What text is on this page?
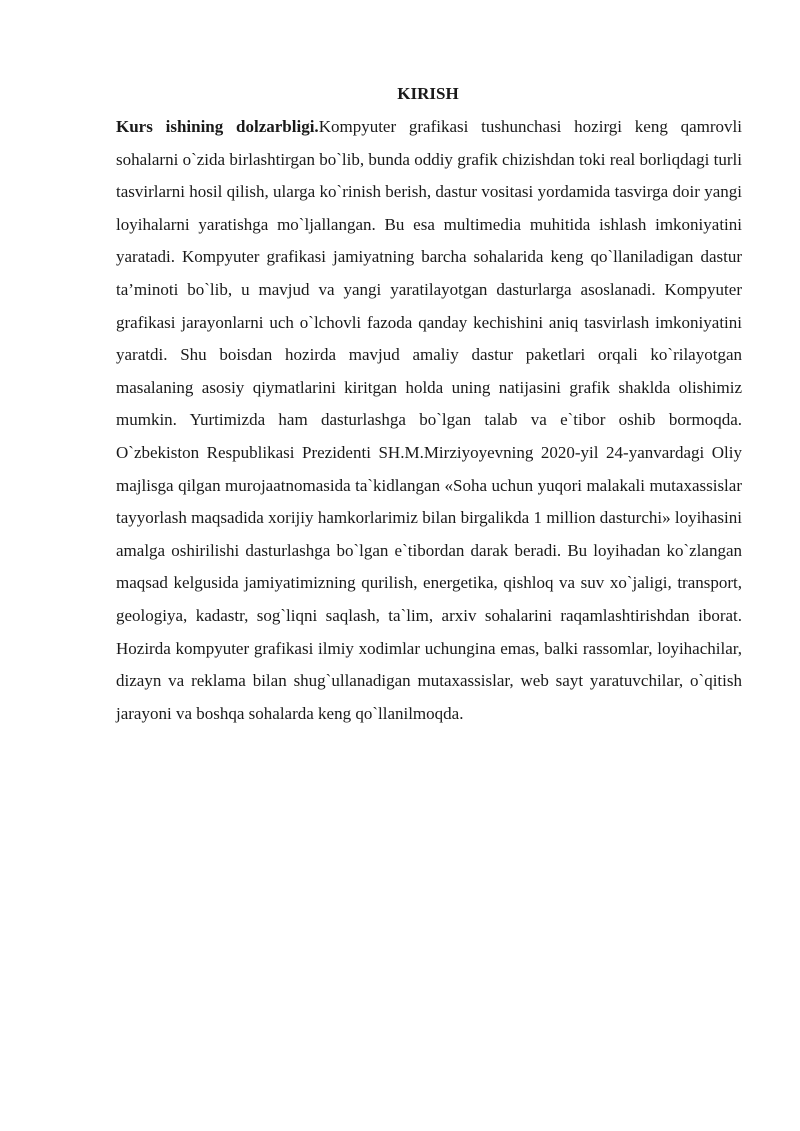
KIRISH

Kurs ishining dolzarbligi.Kompyuter grafikasi tushunchasi hozirgi keng qamrovli sohalarni o`zida birlashtirgan bo`lib, bunda oddiy grafik chizishdan toki real borliqdagi turli tasvirlarni hosil qilish, ularga ko`rinish berish, dastur vositasi yordamida tasvirga doir yangi loyihalarni yaratishga mo`ljallangan. Bu esa multimedia muhitida ishlash imkoniyatini yaratadi. Kompyuter grafikasi jamiyatning barcha sohalarida keng qo`llaniladigan dastur ta’minoti bo`lib, u mavjud va yangi yaratilayotgan dasturlarga asoslanadi. Kompyuter grafikasi jarayonlarni uch o`lchovli fazoda qanday kechishini aniq tasvirlash imkoniyatini yaratdi. Shu boisdan hozirda mavjud amaliy dastur paketlari orqali ko`rilayotgan masalaning asosiy qiymatlarini kiritgan holda uning natijasini grafik shaklda olishimiz mumkin. Yurtimizda ham dasturlashga bo`lgan talab va e`tibor oshib bormoqda. O`zbekiston Respublikasi Prezidenti SH.M.Mirziyoyevning 2020-yil 24-yanvardagi Oliy majlisga qilgan murojaatnomasida ta`kidlangan «Soha uchun yuqori malakali mutaxassislar tayyorlash maqsadida xorijiy hamkorlarimiz bilan birgalikda 1 million dasturchi» loyihasini amalga oshirilishi dasturlashga bo`lgan e`tibordan darak beradi. Bu loyihadan ko`zlangan maqsad kelgusida jamiyatimizning qurilish, energetika, qishloq va suv xo`jaligi, transport, geologiya, kadastr, sog`liqni saqlash, ta`lim, arxiv sohalarini raqamlashtirishdan iborat. Hozirda kompyuter grafikasi ilmiy xodimlar uchungina emas, balki rassomlar, loyihachilar, dizayn va reklama bilan shug`ullanadigan mutaxassislar, web sayt yaratuvchilar, o`qitish jarayoni va boshqa sohalarda keng qo`llanilmoqda.
